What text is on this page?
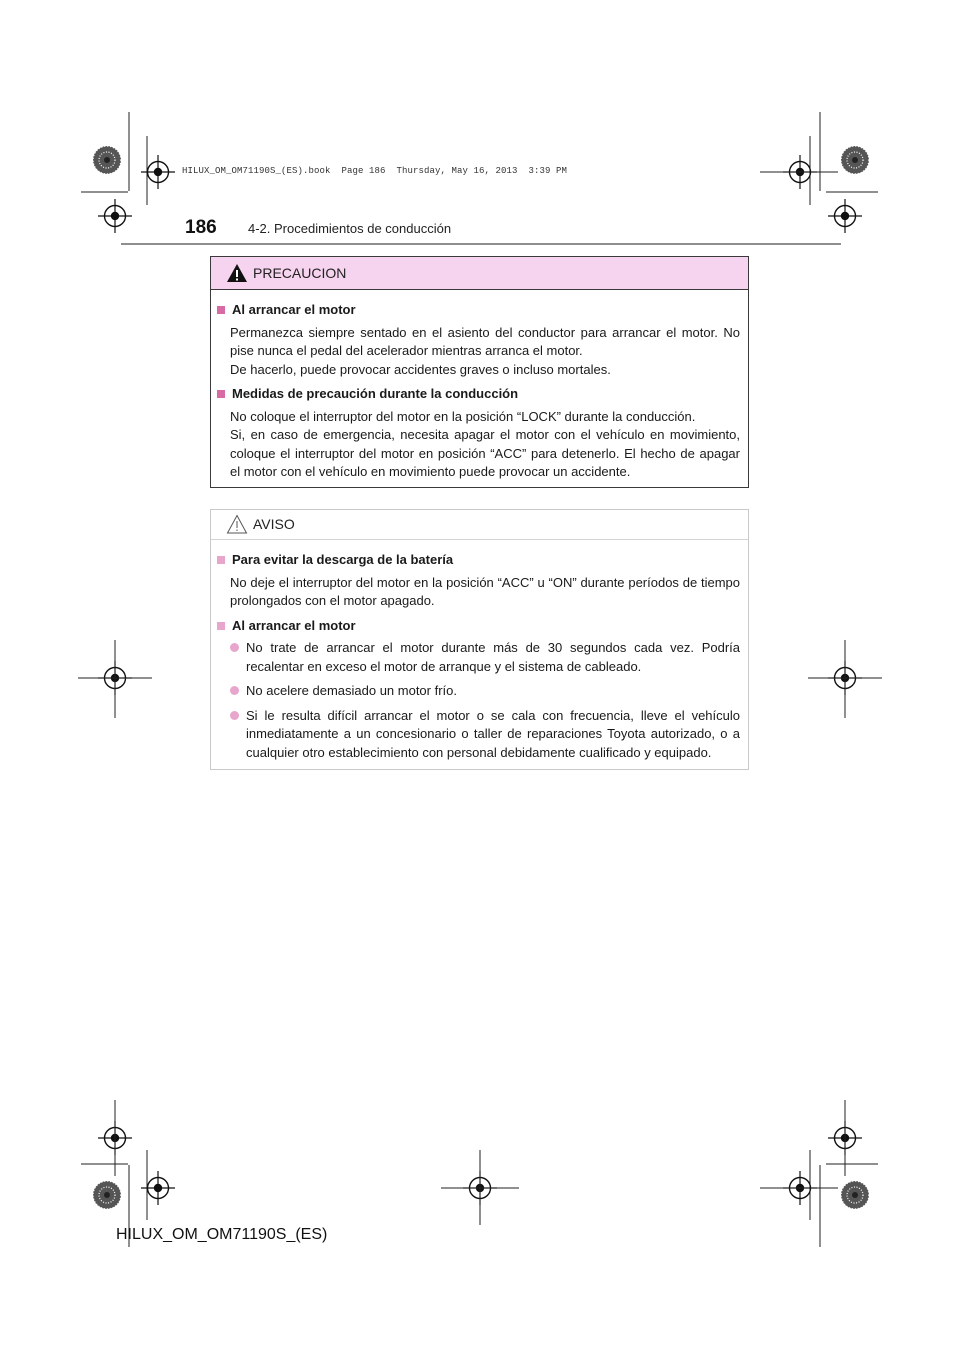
HILUX_OM_OM71190S_(ES).book  Page 186  Thursday, May 16, 2013  3:39 PM
186 4-2. Procedimientos de conducción
PRECAUCION
Al arrancar el motor
Permanezca siempre sentado en el asiento del conductor para arrancar el motor. No pise nunca el pedal del acelerador mientras arranca el motor.
De hacerlo, puede provocar accidentes graves o incluso mortales.
Medidas de precaución durante la conducción
No coloque el interruptor del motor en la posición “LOCK” durante la conducción.
Si, en caso de emergencia, necesita apagar el motor con el vehículo en movimiento, coloque el interruptor del motor en posición “ACC” para detenerlo. El hecho de apagar el motor con el vehículo en movimiento puede provocar un accidente.
AVISO
Para evitar la descarga de la batería
No deje el interruptor del motor en la posición “ACC” u “ON” durante períodos de tiempo prolongados con el motor apagado.
Al arrancar el motor
No trate de arrancar el motor durante más de 30 segundos cada vez. Podría recalentar en exceso el motor de arranque y el sistema de cableado.
No acelere demasiado un motor frío.
Si le resulta difícil arrancar el motor o se cala con frecuencia, lleve el vehículo inmediatamente a un concesionario o taller de reparaciones Toyota autorizado, o a cualquier otro establecimiento con personal debidamente cualificado y equipado.
HILUX_OM_OM71190S_(ES)
